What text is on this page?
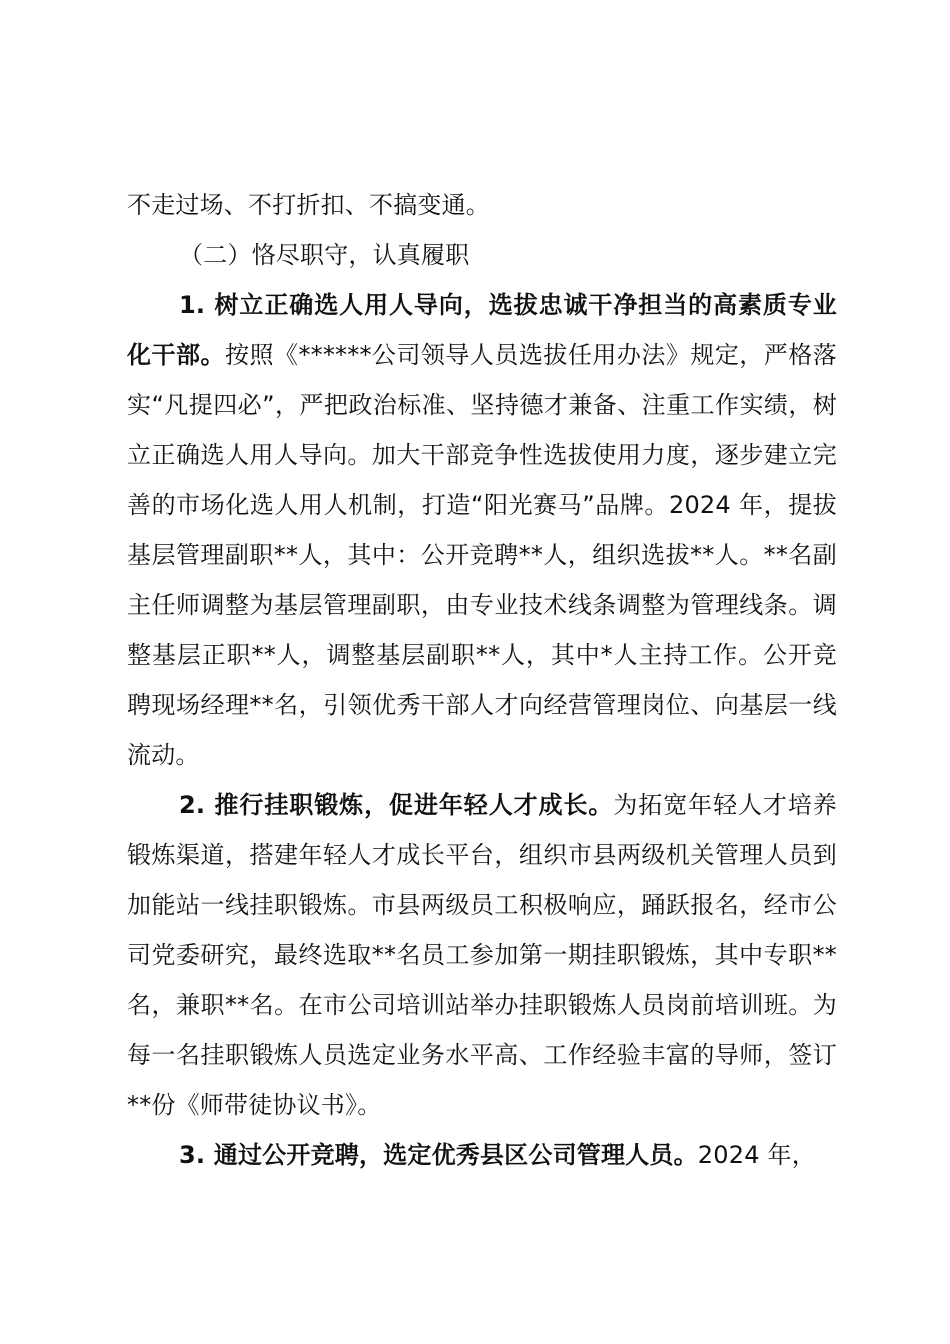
不走过场、不打折扣、不搞变通。

（二）恪尽职守，认真履职

1. 树立正确选人用人导向，选拔忠诚干净担当的高素质专业化干部。按照《******公司领导人员选拔任用办法》规定，严格落实“凡提四必”，严把政治标准、坚持德才兼备、注重工作实绩，树立正确选人用人导向。加大干部竞争性选拔使用力度，逐步建立完善的市场化选人用人机制，打造“阳光赛马”品牌。2024 年，提拔基层管理副职**人，其中：公开竞聘**人，组织选拔**人。**名副主任师调整为基层管理副职，由专业技术线条调整为管理线条。调整基层正职**人，调整基层副职**人，其中*人主持工作。公开竞聘现场经理**名，引领优秀干部人才向经营管理岗位、向基层一线流动。

2. 推行挂职锻炼，促进年轻人才成长。为拓宽年轻人才培养锻炼渠道，搭建年轻人才成长平台，组织市县两级机关管理人员到加能站一线挂职锻炼。市县两级员工积极响应，踊跃报名，经市公司党委研究，最终选取**名员工参加第一期挂职锻炼，其中专职**名，兼职**名。在市公司培训站举办挂职锻炼人员岗前培训班。为每一名挂职锻炼人员选定业务水平高、工作经验丰富的导师，签订**份《师带徒协议书》。

3. 通过公开竞聘，选定优秀县区公司管理人员。2024 年，
